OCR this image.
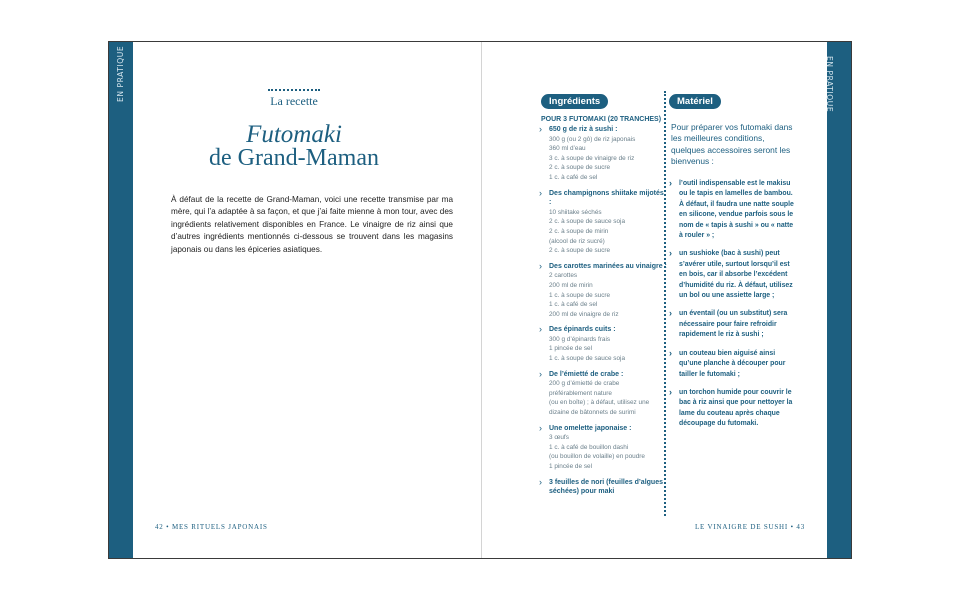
EN PRATIQUE	EN PRATIQUE
La recette
Futomaki
de Grand-Maman

À défaut de la recette de Grand-Maman, voici une recette transmise par ma mère, qui l’a adaptée à sa façon, et que j’ai faite mienne à mon tour, avec des ingrédients relativement disponibles en France. Le vinaigre de riz ainsi que d’autres ingrédients mentionnés ci-dessous se trouvent dans les magasins japonais ou dans les épiceries asiatiques.

42 • MES RITUELS JAPONAIS
Ingrédients	Matériel
POUR 3 FUTOMAKI (20 TRANCHES)
› 650 g de riz à sushi :
300 g (ou 2 gô) de riz japonais
360 ml d’eau
3 c. à soupe de vinaigre de riz
2 c. à soupe de sucre
1 c. à café de sel
› Des champignons shiitake mijotés :
10 shiitake séchés
2 c. à soupe de sauce soja
2 c. à soupe de mirin
(alcool de riz sucré)
2 c. à soupe de sucre
› Des carottes marinées au vinaigre :
2 carottes
200 ml de mirin
1 c. à soupe de sucre
1 c. à café de sel
200 ml de vinaigre de riz
› Des épinards cuits :
300 g d’épinards frais
1 pincée de sel
1 c. à soupe de sauce soja
› De l’émietté de crabe :
200 g d’émietté de crabe
préférablement nature
(ou en boîte) ; à défaut, utilisez une
dizaine de bâtonnets de surimi
› Une omelette japonaise :
3 œufs
1 c. à café de bouillon dashi
(ou bouillon de volaille) en poudre
1 pincée de sel
› 3 feuilles de nori (feuilles d’algues séchées) pour maki
Pour préparer vos futomaki dans les meilleures conditions, quelques accessoires seront les bienvenus :
› l’outil indispensable est le makisu ou le tapis en lamelles de bambou. À défaut, il faudra une natte souple en silicone, vendue parfois sous le nom de « tapis à sushi » ou « natte à rouler » ;
› un sushioke (bac à sushi) peut s’avérer utile, surtout lorsqu’il est en bois, car il absorbe l’excédent d’humidité du riz. À défaut, utilisez un bol ou une assiette large ;
› un éventail (ou un substitut) sera nécessaire pour faire refroidir rapidement le riz à sushi ;
› un couteau bien aiguisé ainsi qu’une planche à découper pour tailler le futomaki ;
› un torchon humide pour couvrir le bac à riz ainsi que pour nettoyer la lame du couteau après chaque découpage du futomaki.
LE VINAIGRE DE SUSHI • 43
